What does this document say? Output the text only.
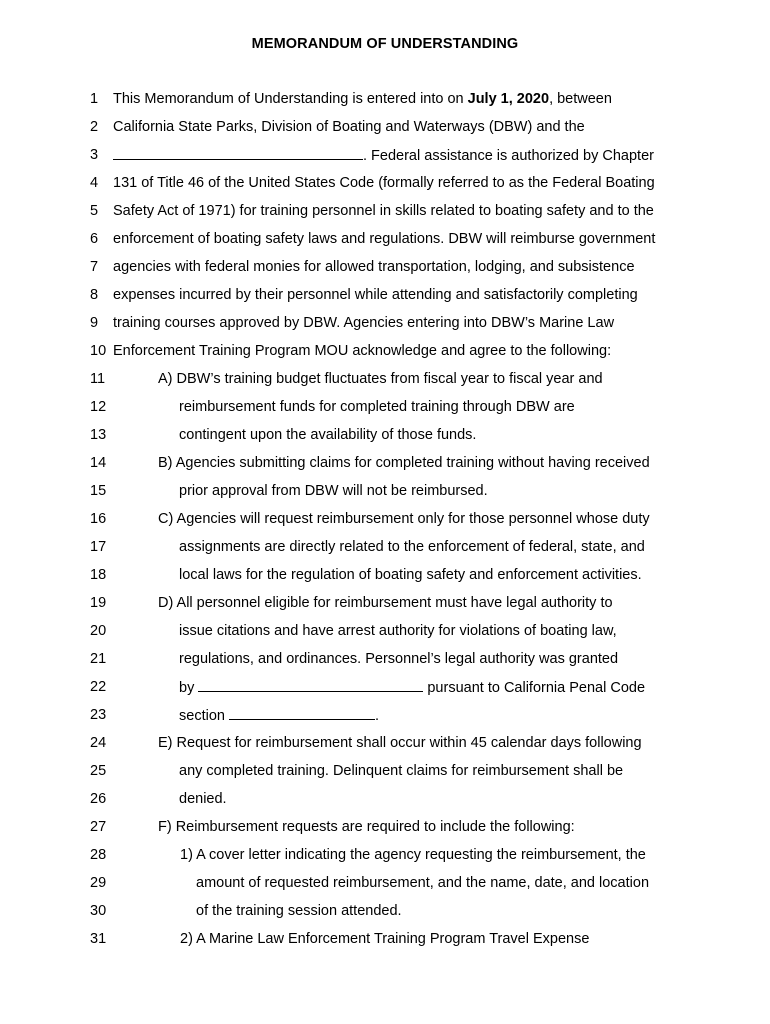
MEMORANDUM OF UNDERSTANDING
1 This Memorandum of Understanding is entered into on July 1, 2020, between
2 California State Parks, Division of Boating and Waterways (DBW) and the
3	. Federal assistance is authorized by Chapter
4 131 of Title 46 of the United States Code (formally referred to as the Federal Boating
5 Safety Act of 1971) for training personnel in skills related to boating safety and to the
6 enforcement of boating safety laws and regulations. DBW will reimburse government
7 agencies with federal monies for allowed transportation, lodging, and subsistence
8 expenses incurred by their personnel while attending and satisfactorily completing
9 training courses approved by DBW. Agencies entering into DBW’s Marine Law
10 Enforcement Training Program MOU acknowledge and agree to the following:
11	A) DBW’s training budget fluctuates from fiscal year to fiscal year and
12	reimbursement funds for completed training through DBW are
13	contingent upon the availability of those funds.
14	B) Agencies submitting claims for completed training without having received
15	prior approval from DBW will not be reimbursed.
16	C) Agencies will request reimbursement only for those personnel whose duty
17	assignments are directly related to the enforcement of federal, state, and
18	local laws for the regulation of boating safety and enforcement activities.
19	D) All personnel eligible for reimbursement must have legal authority to
20	issue citations and have arrest authority for violations of boating law,
21	regulations, and ordinances. Personnel’s legal authority was granted
22	by	pursuant to California Penal Code
23	section	.
24	E) Request for reimbursement shall occur within 45 calendar days following
25	any completed training. Delinquent claims for reimbursement shall be
26	denied.
27	F) Reimbursement requests are required to include the following:
28	1) A cover letter indicating the agency requesting the reimbursement, the
29	amount of requested reimbursement, and the name, date, and location
30	of the training session attended.
31	2) A Marine Law Enforcement Training Program Travel Expense
